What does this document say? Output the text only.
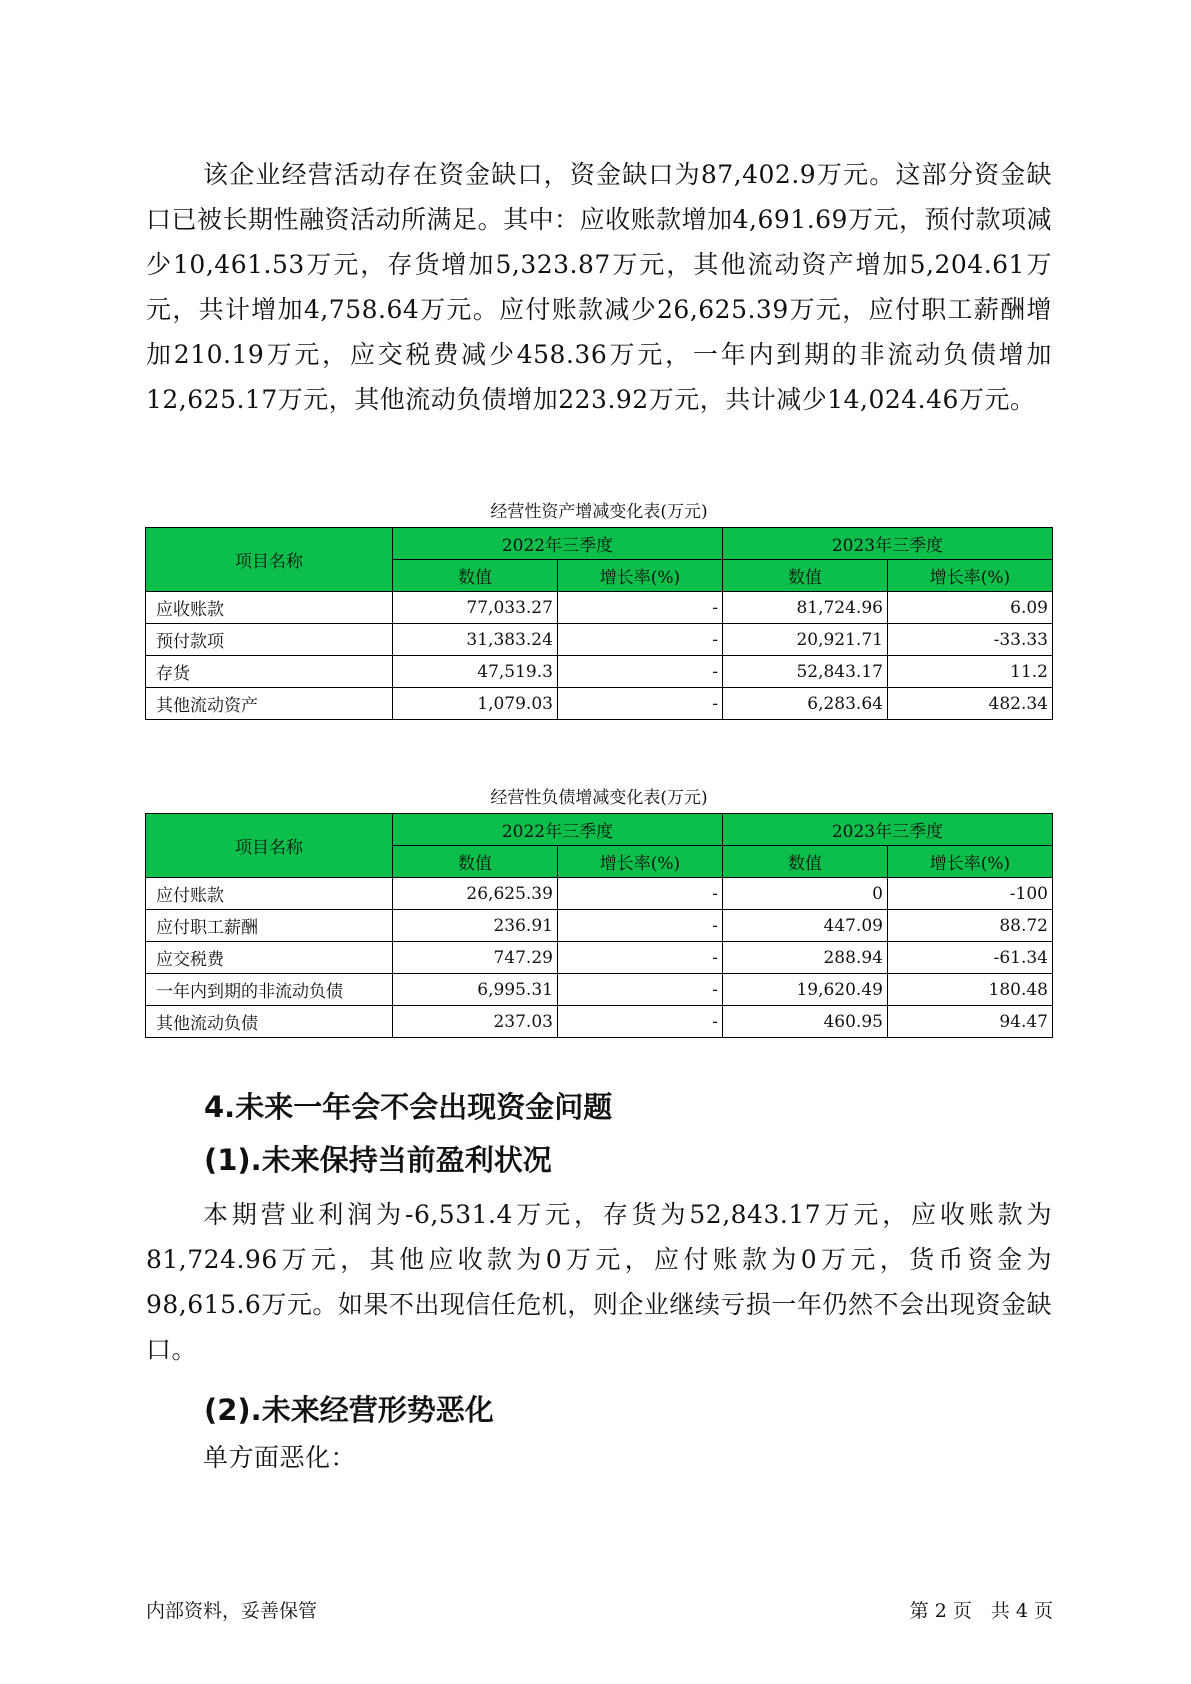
该企业经营活动存在资金缺口，资金缺口为87,402.9万元。这部分资金缺口已被长期性融资活动所满足。其中：应收账款增加4,691.69万元，预付款项减少10,461.53万元，存货增加5,323.87万元，其他流动资产增加5,204.61万元，共计增加4,758.64万元。应付账款减少26,625.39万元，应付职工薪酬增加210.19万元，应交税费减少458.36万元，一年内到期的非流动负债增加12,625.17万元，其他流动负债增加223.92万元，共计减少14,024.46万元。

经营性资产增减变化表(万元)
项目名称	2022年三季度		2023年三季度	
	数值	增长率(%)	数值	增长率(%)
应收账款	77,033.27	-	81,724.96	6.09
预付款项	31,383.24	-	20,921.71	-33.33
存货	47,519.3	-	52,843.17	11.2
其他流动资产	1,079.03	-	6,283.64	482.34
经营性负债增减变化表(万元)
项目名称	2022年三季度		2023年三季度	
	数值	增长率(%)	数值	增长率(%)
应付账款	26,625.39	-	0	-100
应付职工薪酬	236.91	-	447.09	88.72
应交税费	747.29	-	288.94	-61.34
一年内到期的非流动负债	6,995.31	-	19,620.49	180.48
其他流动负债	237.03	-	460.95	94.47
4.未来一年会不会出现资金问题
(1).未来保持当前盈利状况

本期营业利润为-6,531.4万元，存货为52,843.17万元，应收账款为81,724.96万元，其他应收款为0万元，应付账款为0万元，货币资金为98,615.6万元。如果不出现信任危机，则企业继续亏损一年仍然不会出现资金缺口。

(2).未来经营形势恶化

单方面恶化：

内部资料，妥善保管	第 2 页　共 4 页
